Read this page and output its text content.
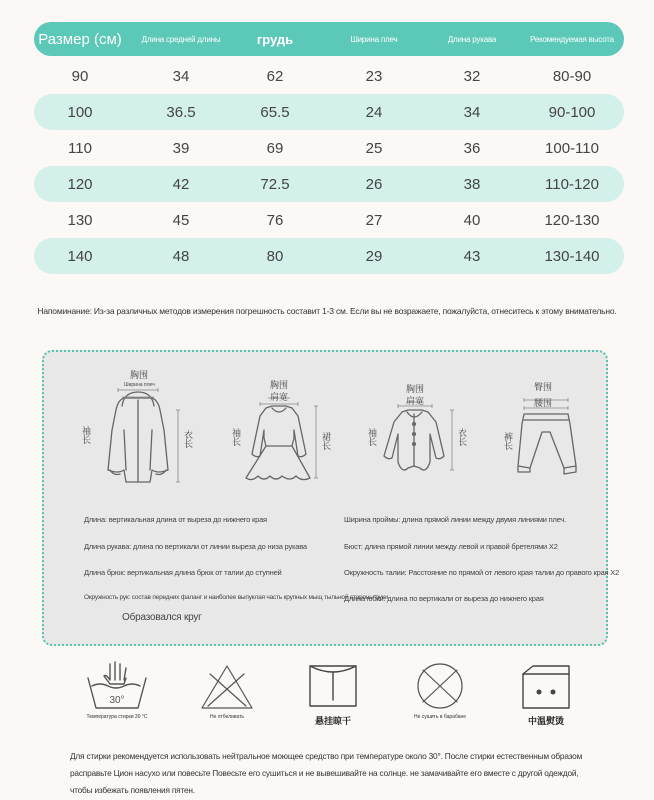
Размер (см)	Длина средней длины	грудь	Ширина плеч	Длина рукава	Рекомендуемая высота
90	34	62	23	32	80-90
100	36.5	65.5	24	34	90-100
110	39	69	25	36	100-110
120	42	72.5	26	38	110-120
130	45	76	27	40	120-130
140	48	80	29	43	130-140
Напоминание: Из-за различных методов измерения погрешность составит 1-3 см. Если вы не возражаете, пожалуйста, отнеситесь к этому внимательно.
胸围
Ширина плеч
袖长	衣长
胸围
肩宽
袖长	裙长
胸围
肩宽
袖长	衣长
臀围
腰围
裤长
Длина: вертикальная длина от выреза до нижнего края
Длина рукава: длина по вертикали от линии выреза до низа рукава
Длина брюк: вертикальная длина брюк от талии до ступней
Окружность рук: состав передних фаланг и наиболее выпуклая часть крупных мыщ тыльной стороны руки
Образовался круг
Ширина проймы: длина прямой линии между двумя линиями плеч.
Бюст: длина прямой линии между левой и правой бретелями X2
Окружность талии: Расстояние по прямой от левого края талии до правого края X2
Длина юбки: длина по вертикали от выреза до нижнего края
30°
Температура стирки 30 °C	Не отбеливать	悬挂晾干	Не сушить в барабане	中温熨烫
Для стирки рекомендуется использовать нейтральное моющее средство при температуре около 30°. После стирки естественным образом расправьте Цион насухо или повесьте Повесьте его сушиться и не вывешивайте на солнце. не замачивайте его вместе с другой одеждой, чтобы избежать появления пятен.
